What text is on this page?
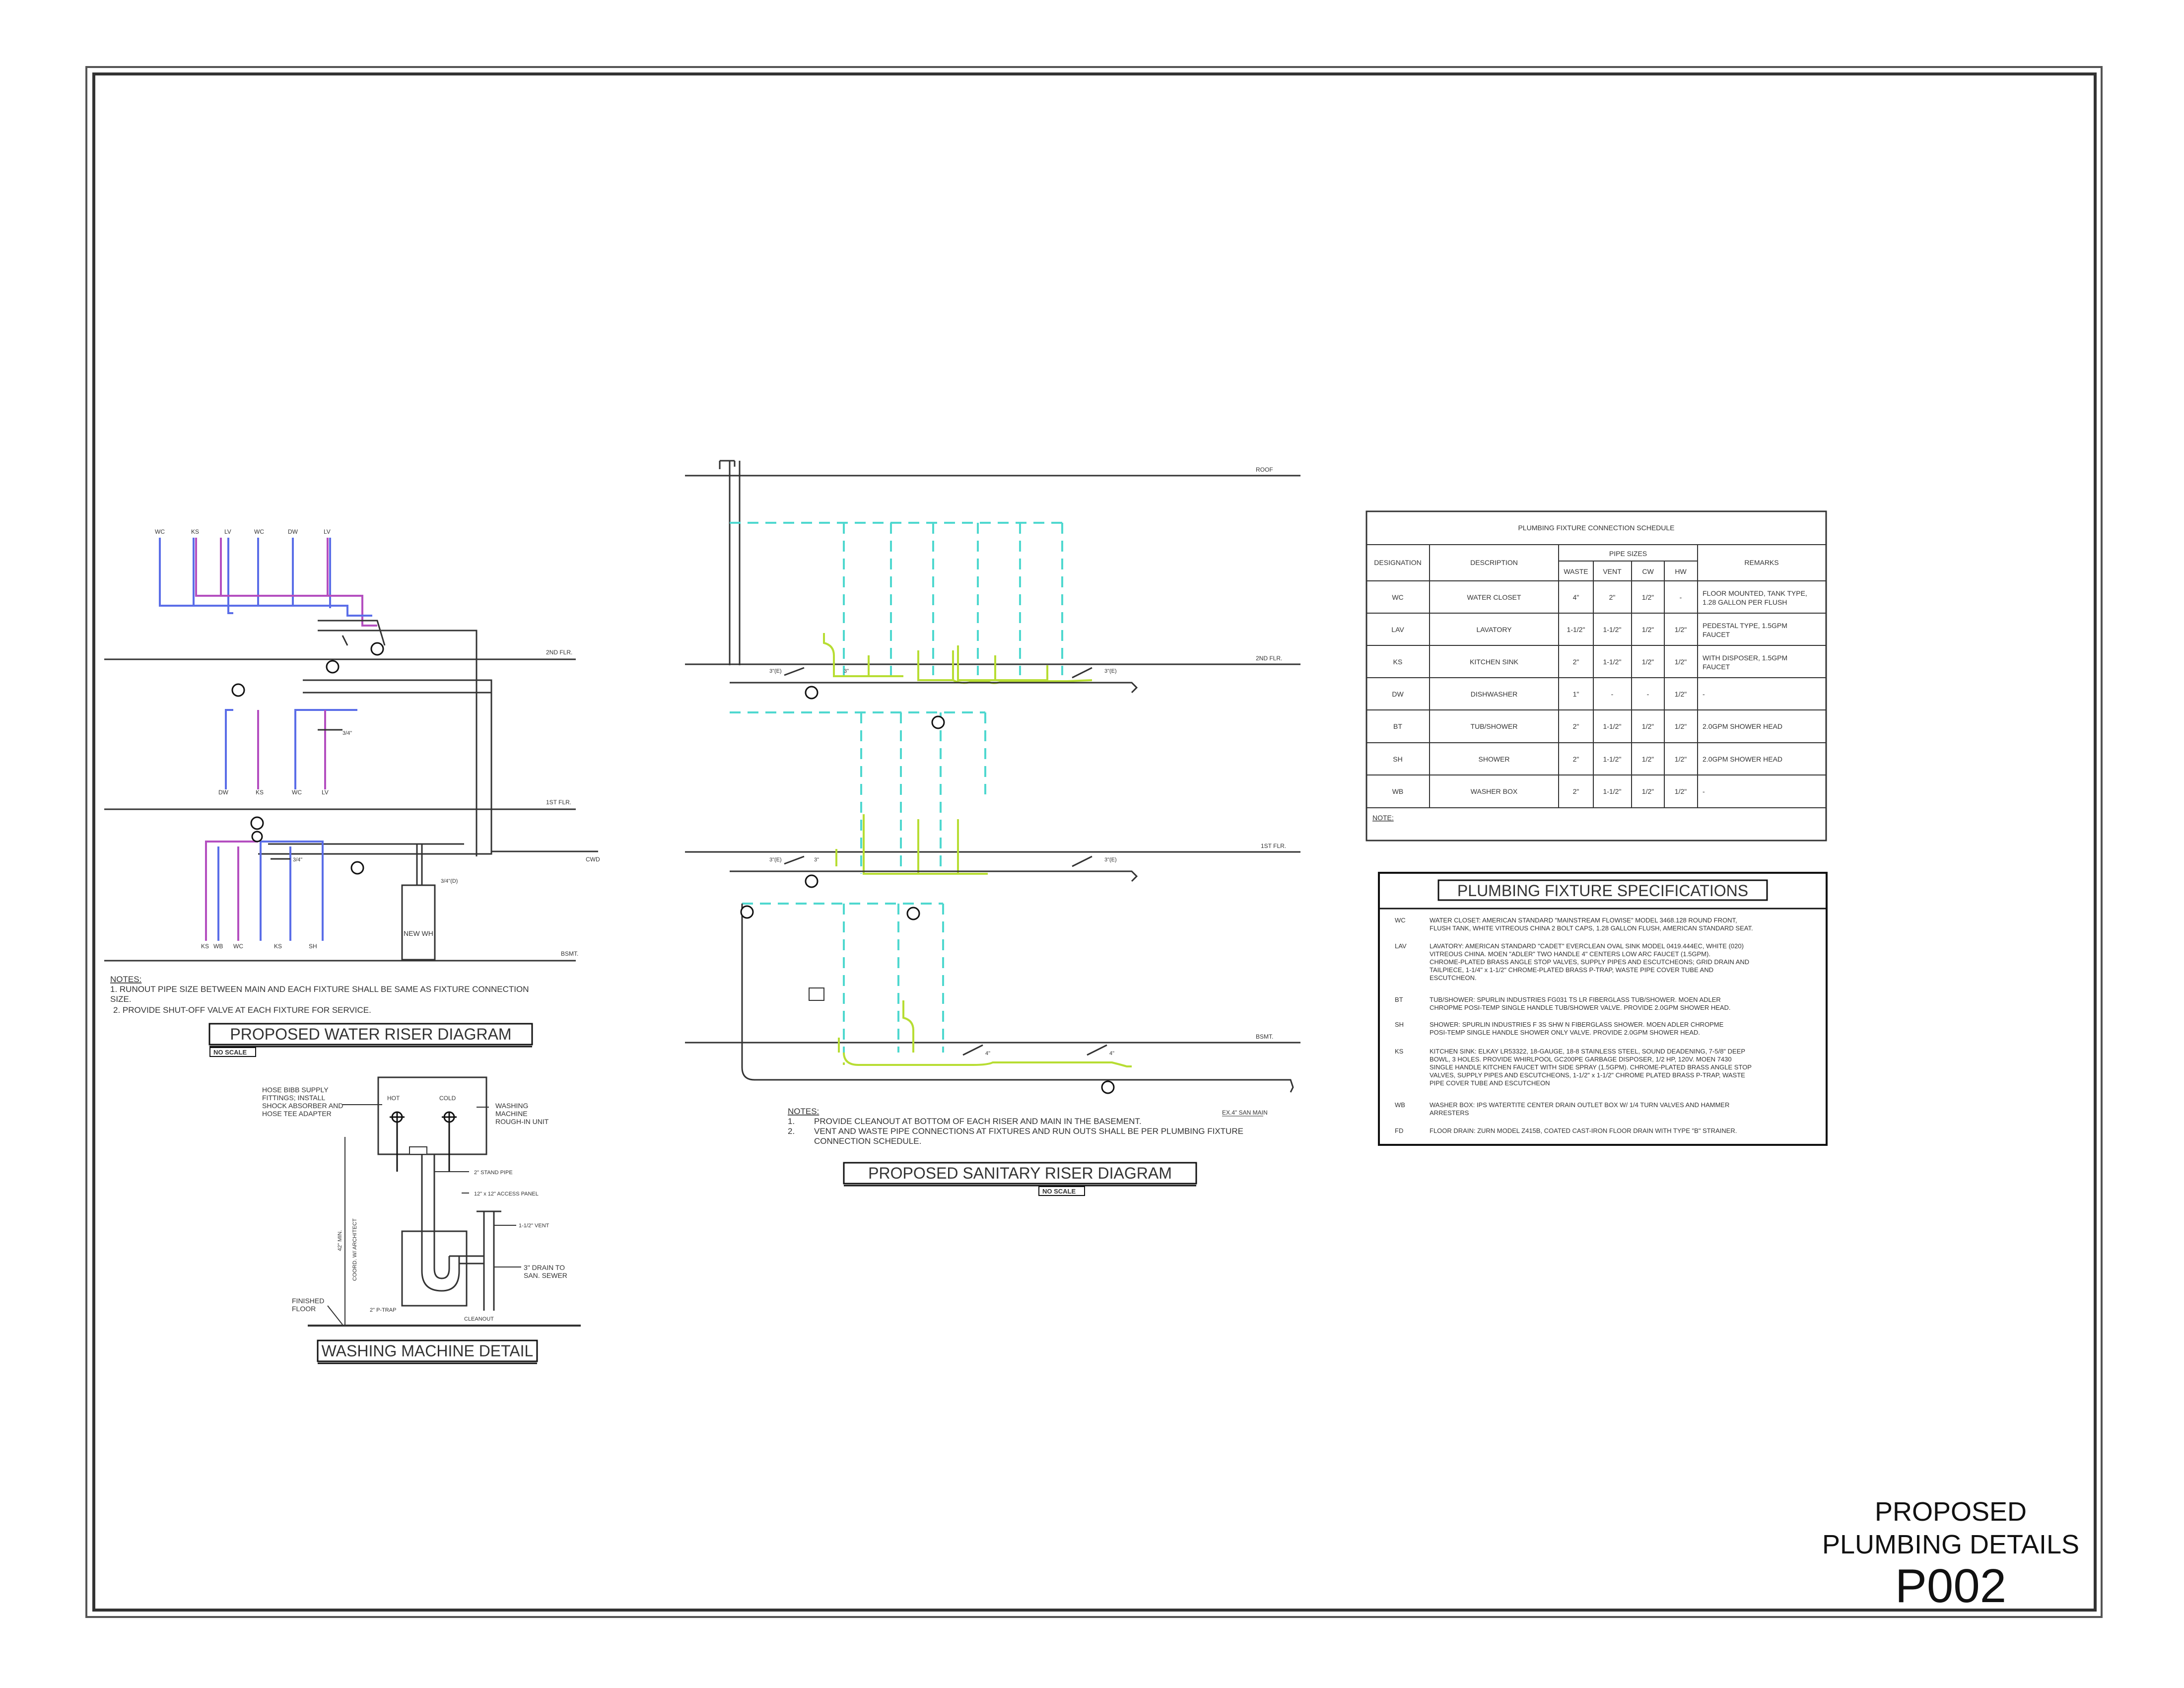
2ND FLR.
1ST FLR.
BSMT.
WC	KS	LV	WC	DW	LV
DW	KS	WC	LV
3/4"
3/4"
KS WB WC	KS	SH
CWD
NEW WH
3/4"(D)
NOTES:
1. RUNOUT PIPE SIZE BETWEEN MAIN AND EACH FIXTURE SHALL BE SAME AS FIXTURE CONNECTION
SIZE.
2. PROVIDE SHUT-OFF VALVE AT EACH FIXTURE FOR SERVICE.
PROPOSED WATER RISER DIAGRAM
NO SCALE
HOT	COLD
42" MIN. COORD. W/ ARCHITECT
HOSE BIBB SUPPLY
FITTINGS; INSTALL
SHOCK ABSORBER AND
HOSE TEE ADAPTER
WASHING
MACHINE
ROUGH-IN UNIT
2" STAND PIPE
12" x 12" ACCESS PANEL
1-1/2" VENT
3" DRAIN TO
SAN. SEWER
FINISHED
FLOOR	2" P-TRAP
CLEANOUT
WASHING MACHINE DETAIL
ROOF
2ND FLR.
1ST FLR.
BSMT.
3"(E)	3"(E)
3"(E)	3"(E)
3"
3"
4"	4"
EX.4" SAN MAIN
NOTES:
1. PROVIDE CLEANOUT AT BOTTOM OF EACH RISER AND MAIN IN THE BASEMENT.
2. VENT AND WASTE PIPE CONNECTIONS AT FIXTURES AND RUN OUTS SHALL BE PER PLUMBING FIXTURE
CONNECTION SCHEDULE.
PROPOSED SANITARY RISER DIAGRAM
NO SCALE
PLUMBING FIXTURE CONNECTION SCHEDULE
DESIGNATION	DESCRIPTION
PIPE SIZES
WASTE VENT	CW	HW
REMARKS
WC	WATER CLOSET	4"	2"	1/2"	-	FLOOR MOUNTED, TANK TYPE,
1.28 GALLON PER FLUSH
LAV	LAVATORY	1-1/2"	1-1/2"	1/2"	1/2" PEDESTAL TYPE, 1.5GPM
FAUCET
KS	KITCHEN SINK	2"	1-1/2"	1/2"	1/2" WITH DISPOSER, 1.5GPM
FAUCET
DW	DISHWASHER	1"	-	-	1/2" -
BT	TUB/SHOWER	2"	1-1/2"	1/2"	1/2" 2.0GPM SHOWER HEAD
SH	SHOWER	2"	1-1/2"	1/2"	1/2" 2.0GPM SHOWER HEAD
WB	WASHER BOX	2"	1-1/2"	1/2"	1/2" -
NOTE:
PLUMBING FIXTURE SPECIFICATIONS
WC	WATER CLOSET: AMERICAN STANDARD "MAINSTREAM FLOWISE" MODEL 3468.128 ROUND FRONT,
FLUSH TANK, WHITE VITREOUS CHINA 2 BOLT CAPS, 1.28 GALLON FLUSH, AMERICAN STANDARD SEAT.
LAV	LAVATORY: AMERICAN STANDARD "CADET" EVERCLEAN OVAL SINK MODEL 0419.444EC, WHITE (020)
VITREOUS CHINA. MOEN "ADLER" TWO HANDLE 4" CENTERS LOW ARC FAUCET (1.5GPM).
CHROME-PLATED BRASS ANGLE STOP VALVES, SUPPLY PIPES AND ESCUTCHEONS; GRID DRAIN AND
TAILPIECE, 1-1/4" x 1-1/2" CHROME-PLATED BRASS P-TRAP, WASTE PIPE COVER TUBE AND
ESCUTCHEON.
BT	TUB/SHOWER: SPURLIN INDUSTRIES FG031 TS LR FIBERGLASS TUB/SHOWER. MOEN ADLER
CHROPME POSI-TEMP SINGLE HANDLE TUB/SHOWER VALVE. PROVIDE 2.0GPM SHOWER HEAD.
SH	SHOWER: SPURLIN INDUSTRIES F 3S SHW N FIBERGLASS SHOWER. MOEN ADLER CHROPME
POSI-TEMP SINGLE HANDLE SHOWER ONLY VALVE. PROVIDE 2.0GPM SHOWER HEAD.
KS	KITCHEN SINK: ELKAY LR53322, 18-GAUGE, 18-8 STAINLESS STEEL, SOUND DEADENING, 7-5/8" DEEP
BOWL, 3 HOLES. PROVIDE WHIRLPOOL GC200PE GARBAGE DISPOSER, 1/2 HP, 120V. MOEN 7430
SINGLE HANDLE KITCHEN FAUCET WITH SIDE SPRAY (1.5GPM). CHROME-PLATED BRASS ANGLE STOP
VALVES, SUPPLY PIPES AND ESCUTCHEONS, 1-1/2" x 1-1/2" CHROME PLATED BRASS P-TRAP, WASTE
PIPE COVER TUBE AND ESCUTCHEON
WB	WASHER BOX: IPS WATERTITE CENTER DRAIN OUTLET BOX W/ 1/4 TURN VALVES AND HAMMER
ARRESTERS
FD	FLOOR DRAIN: ZURN MODEL Z415B, COATED CAST-IRON FLOOR DRAIN WITH TYPE "B" STRAINER.
PROPOSED
PLUMBING DETAILS
P002
